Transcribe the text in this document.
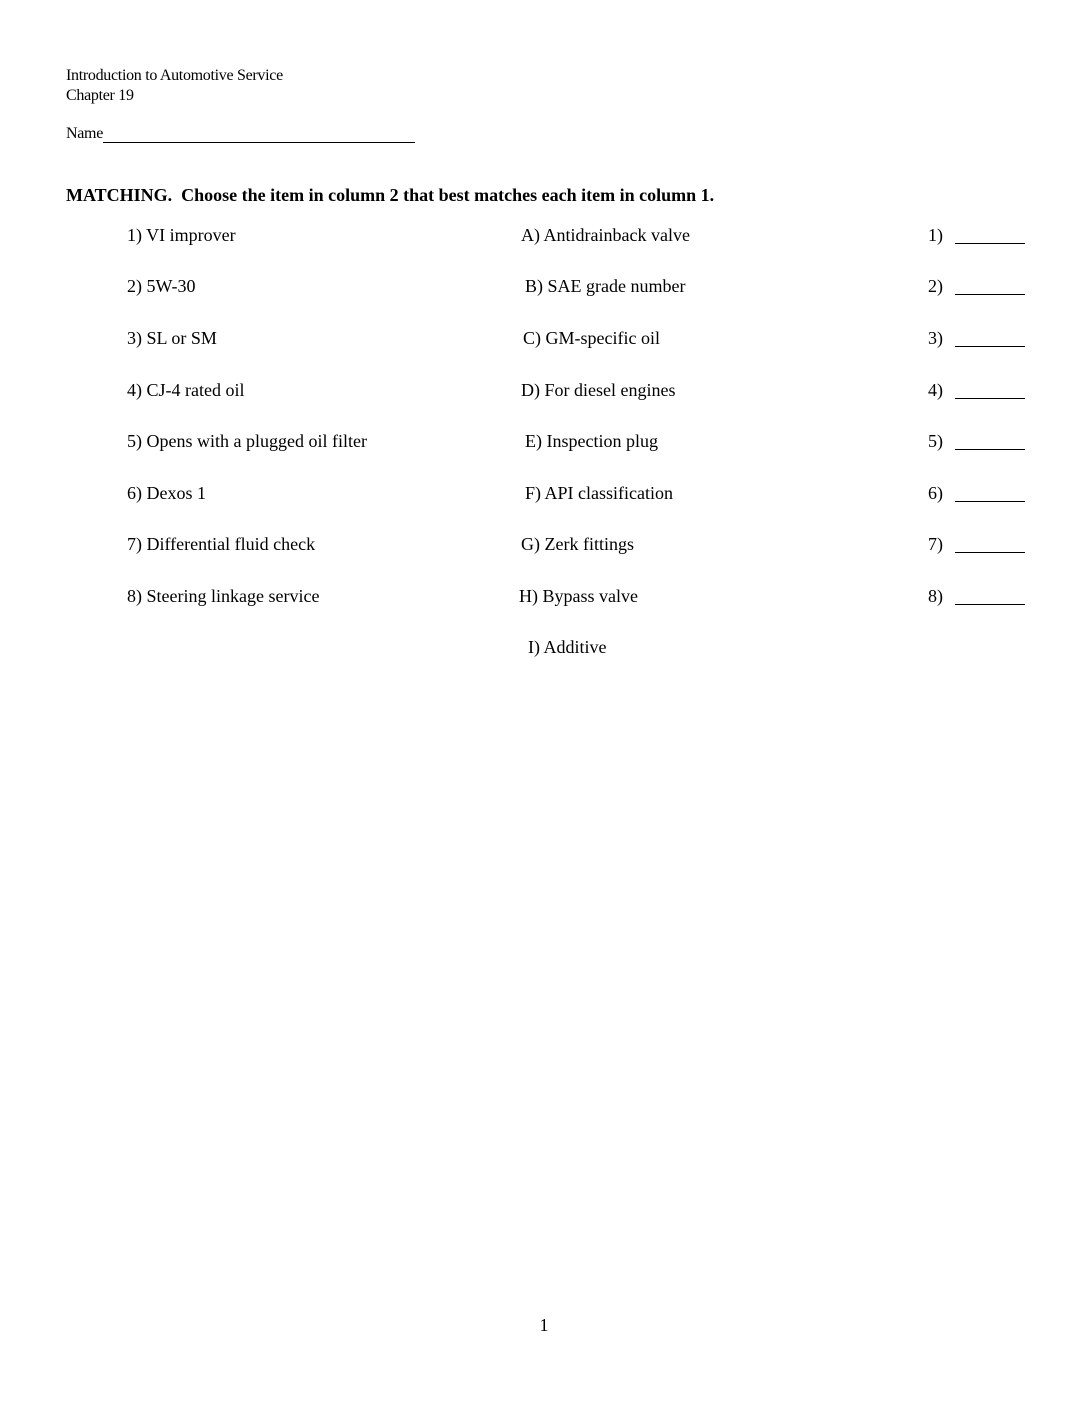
Introduction to Automotive Service
Chapter 19
Name
MATCHING.  Choose the item in column 2 that best matches each item in column 1.
1) VI improver
2) 5W-30
3) SL or SM
4) CJ-4 rated oil
5) Opens with a plugged oil filter
6) Dexos 1
7) Differential fluid check
8) Steering linkage service
A) Antidrainback valve
B) SAE grade number
C) GM-specific oil
D) For diesel engines
E) Inspection plug
F) API classification
G) Zerk fittings
H) Bypass valve
I) Additive
1)
2)
3)
4)
5)
6)
7)
8)
1
